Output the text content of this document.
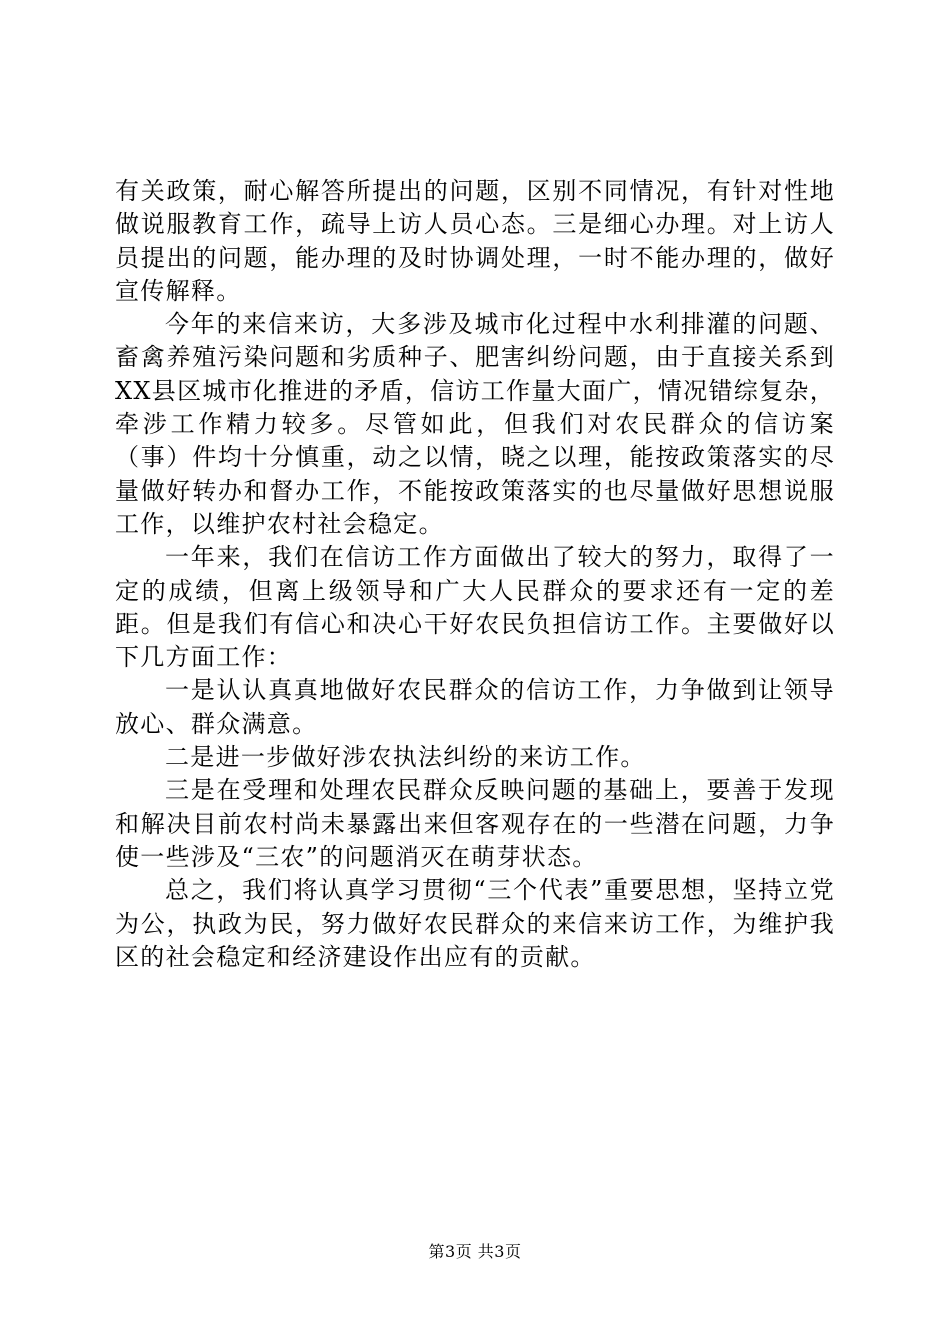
有关政策，耐心解答所提出的问题，区别不同情况，有针对性地做说服教育工作，疏导上访人员心态。三是细心办理。对上访人员提出的问题，能办理的及时协调处理，一时不能办理的，做好宣传解释。

今年的来信来访，大多涉及城市化过程中水利排灌的问题、畜禽养殖污染问题和劣质种子、肥害纠纷问题，由于直接关系到XX县区城市化推进的矛盾，信访工作量大面广，情况错综复杂，牵涉工作精力较多。尽管如此，但我们对农民群众的信访案（事）件均十分慎重，动之以情，晓之以理，能按政策落实的尽量做好转办和督办工作，不能按政策落实的也尽量做好思想说服工作，以维护农村社会稳定。

一年来，我们在信访工作方面做出了较大的努力，取得了一定的成绩，但离上级领导和广大人民群众的要求还有一定的差距。但是我们有信心和决心干好农民负担信访工作。主要做好以下几方面工作：

一是认认真真地做好农民群众的信访工作，力争做到让领导放心、群众满意。

二是进一步做好涉农执法纠纷的来访工作。

三是在受理和处理农民群众反映问题的基础上，要善于发现和解决目前农村尚未暴露出来但客观存在的一些潜在问题，力争使一些涉及“三农”的问题消灭在萌芽状态。

总之，我们将认真学习贯彻“三个代表”重要思想，坚持立党为公，执政为民，努力做好农民群众的来信来访工作，为维护我区的社会稳定和经济建设作出应有的贡献。

第3页 共3页
